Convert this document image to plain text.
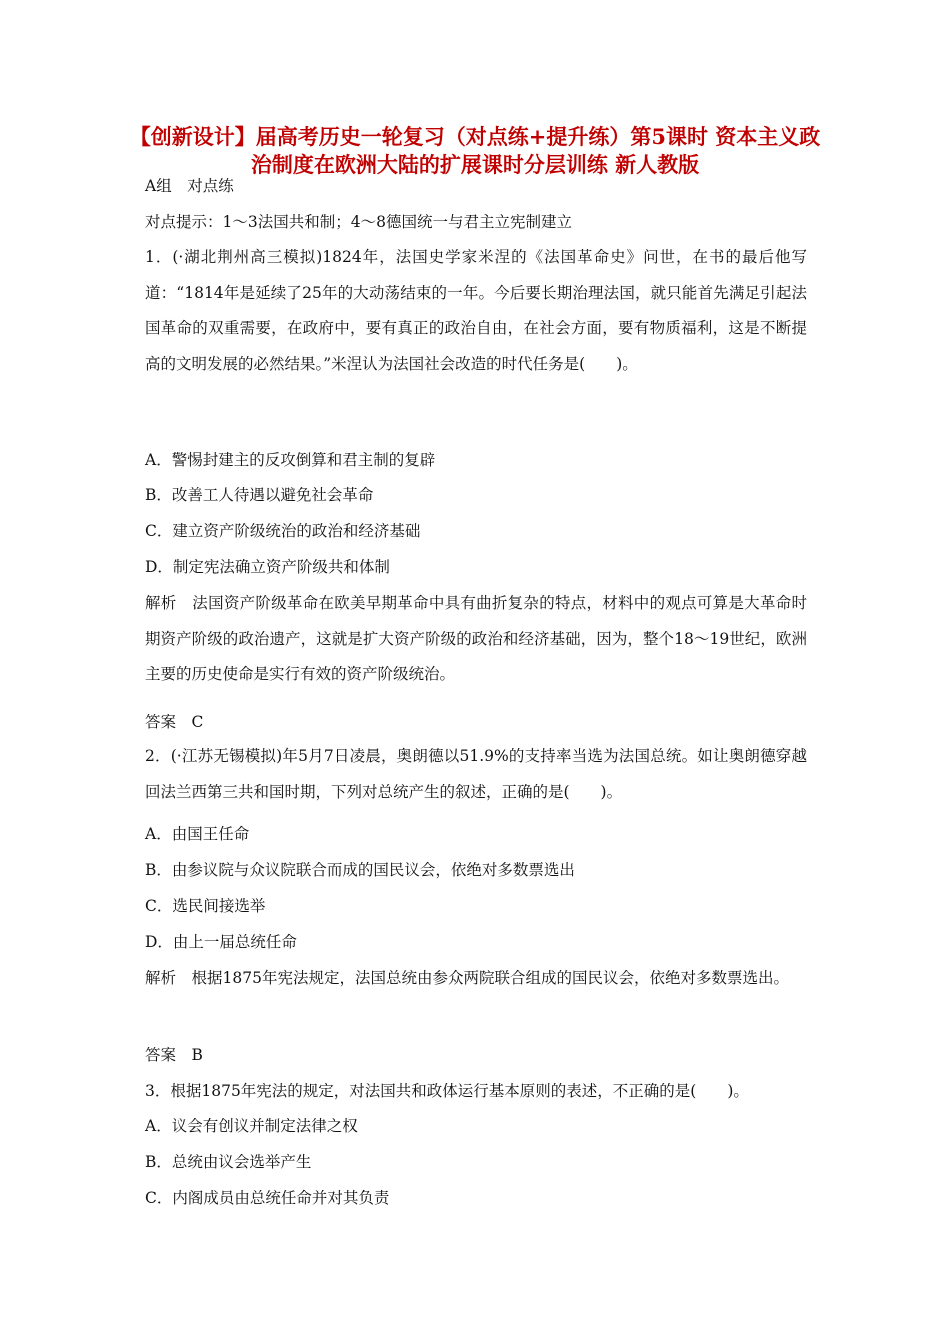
【创新设计】届高考历史一轮复习（对点练+提升练）第5课时 资本主义政治制度在欧洲大陆的扩展课时分层训练 新人教版
A组　对点练
对点提示：1～3法国共和制；4～8德国统一与君主立宪制建立
1．(·湖北荆州高三模拟)1824年，法国史学家米涅的《法国革命史》问世，在书的最后他写道：“1814年是延续了25年的大动荡结束的一年。今后要长期治理法国，就只能首先满足引起法国革命的双重需要，在政府中，要有真正的政治自由，在社会方面，要有物质福利，这是不断提高的文明发展的必然结果。”米涅认为法国社会改造的时代任务是(　　)。
A．警惕封建主的反攻倒算和君主制的复辟
B．改善工人待遇以避免社会革命
C．建立资产阶级统治的政治和经济基础
D．制定宪法确立资产阶级共和体制
解析　法国资产阶级革命在欧美早期革命中具有曲折复杂的特点，材料中的观点可算是大革命时期资产阶级的政治遗产，这就是扩大资产阶级的政治和经济基础，因为，整个18～19世纪，欧洲主要的历史使命是实行有效的资产阶级统治。
答案　C
2．(·江苏无锡模拟)年5月7日凌晨，奥朗德以51.9%的支持率当选为法国总统。如让奥朗德穿越回法兰西第三共和国时期，下列对总统产生的叙述，正确的是(　　)。
A．由国王任命
B．由参议院与众议院联合而成的国民议会，依绝对多数票选出
C．选民间接选举
D．由上一届总统任命
解析　根据1875年宪法规定，法国总统由参众两院联合组成的国民议会，依绝对多数票选出。
答案　B
3．根据1875年宪法的规定，对法国共和政体运行基本原则的表述，不正确的是(　　)。
A．议会有创议并制定法律之权
B．总统由议会选举产生
C．内阁成员由总统任命并对其负责
